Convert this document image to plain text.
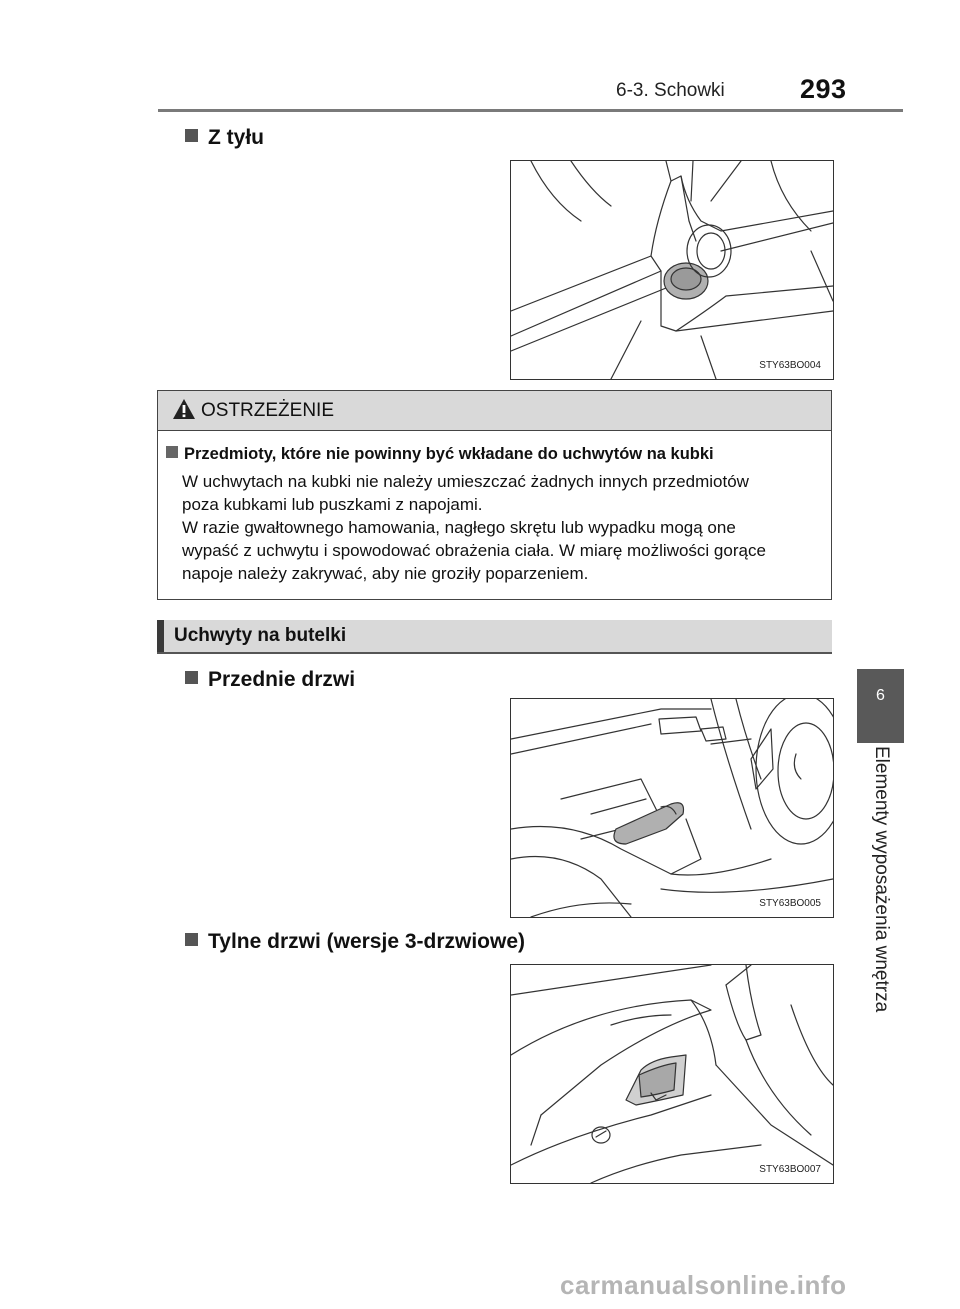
6-3. Schowki	293
6
Elementy wyposażenia wnętrza
Z tyłu
STY63BO004
OSTRZEŻENIE
Przedmioty, które nie powinny być wkładane do uchwytów na kubki
W uchwytach na kubki nie należy umieszczać żadnych innych przedmiotów
poza kubkami lub puszkami z napojami.
W razie gwałtownego hamowania, nagłego skrętu lub wypadku mogą one
wypaść z uchwytu i spowodować obrażenia ciała. W miarę możliwości gorące
napoje należy zakrywać, aby nie groziły poparzeniem.
Uchwyty na butelki
Przednie drzwi
STY63BO005
Tylne drzwi (wersje 3-drzwiowe)
STY63BO007
carmanualsonline.info
